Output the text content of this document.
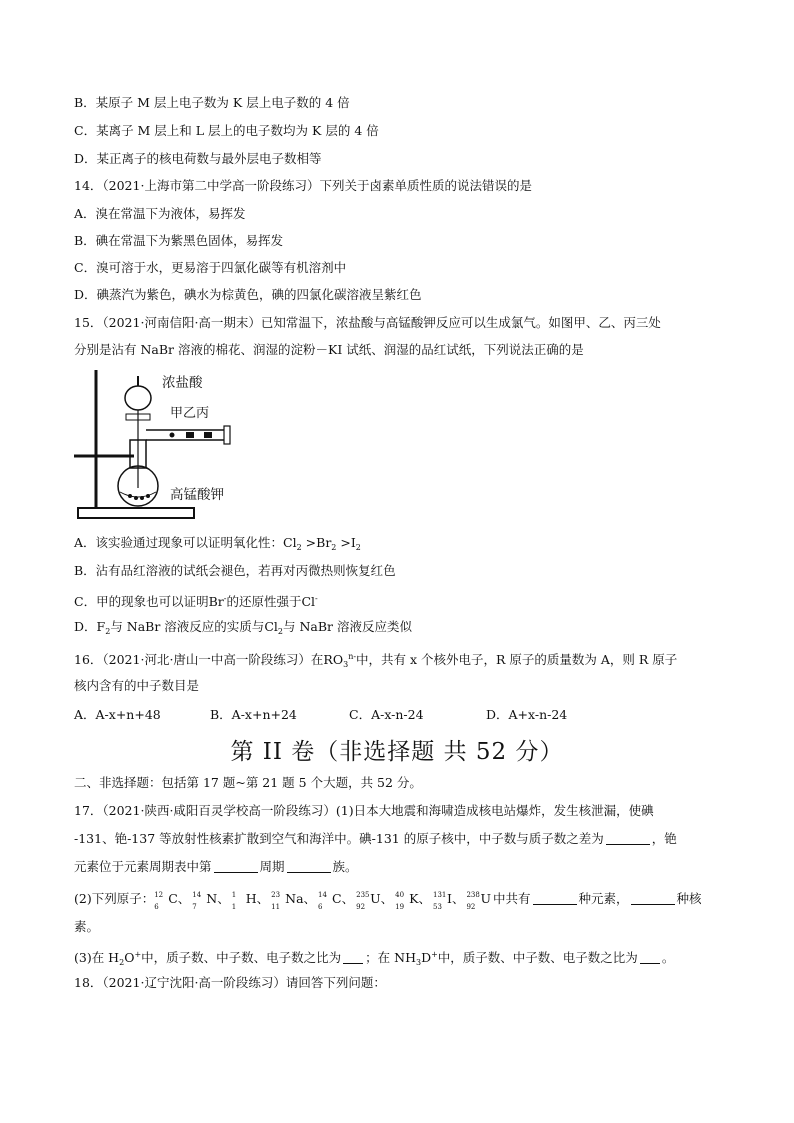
B．某原子 M 层上电子数为 K 层上电子数的 4 倍
C．某离子 M 层上和 L 层上的电子数均为 K 层的 4 倍
D．某正离子的核电荷数与最外层电子数相等
14．（2021·上海市第二中学高一阶段练习）下列关于卤素单质性质的说法错误的是
A．溴在常温下为液体，易挥发
B．碘在常温下为紫黑色固体，易挥发
C．溴可溶于水，更易溶于四氯化碳等有机溶剂中
D．碘蒸汽为紫色，碘水为棕黄色，碘的四氯化碳溶液呈紫红色
15．（2021·河南信阳·高一期末）已知常温下，浓盐酸与高锰酸钾反应可以生成氯气。如图甲、乙、丙三处
分别是沾有 NaBr 溶液的棉花、润湿的淀粉－KI 试纸、润湿的品红试纸，下列说法正确的是
浓盐酸
甲乙丙
高锰酸钾
A．该实验通过现象可以证明氧化性：$Cl_2 >Br_2 >I_2$
B．沾有品红溶液的试纸会褪色，若再对丙微热则恢复红色
C．甲的现象也可以证明Br-的还原性强于Cl-
D．$F_2$与 NaBr 溶液反应的实质与$Cl_2$与 NaBr 溶液反应类似
16．（2021·河北·唐山一中高一阶段练习）在$RO_3^{n-}$中，共有 x 个核外电子，R 原子的质量数为 A，则 R 原子
核内含有的中子数目是
A．A-x+n+48	B．A-x+n+24	C．A-x-n-24	D．A+x-n-24
第 II 卷（非选择题 共 52 分）
二、非选择题：包括第 17 题~第 21 题 5 个大题，共 52 分。
17．（2021·陕西·咸阳百灵学校高一阶段练习）(1)日本大地震和海啸造成核电站爆炸，发生核泄漏，使碘
-131、铯-137 等放射性核素扩散到空气和海洋中。碘-131 的原子核中，中子数与质子数之差为	，铯
元素位于元素周期表中第	周期	族。
(2)下列原子： 12
6
C、 14
7
N、 1
1
H、 23
11
Na、 14
6
C、 235
92
U、 40
19
K、 131
53
I、 238
92
U 中共有	种元素，	种核
素。
(3)在 $H_2O^+$中，质子数、中子数、电子数之比为 ；在 $NH_3D^+$中，质子数、中子数、电子数之比为 。
18．（2021·辽宁沈阳·高一阶段练习）请回答下列问题：
